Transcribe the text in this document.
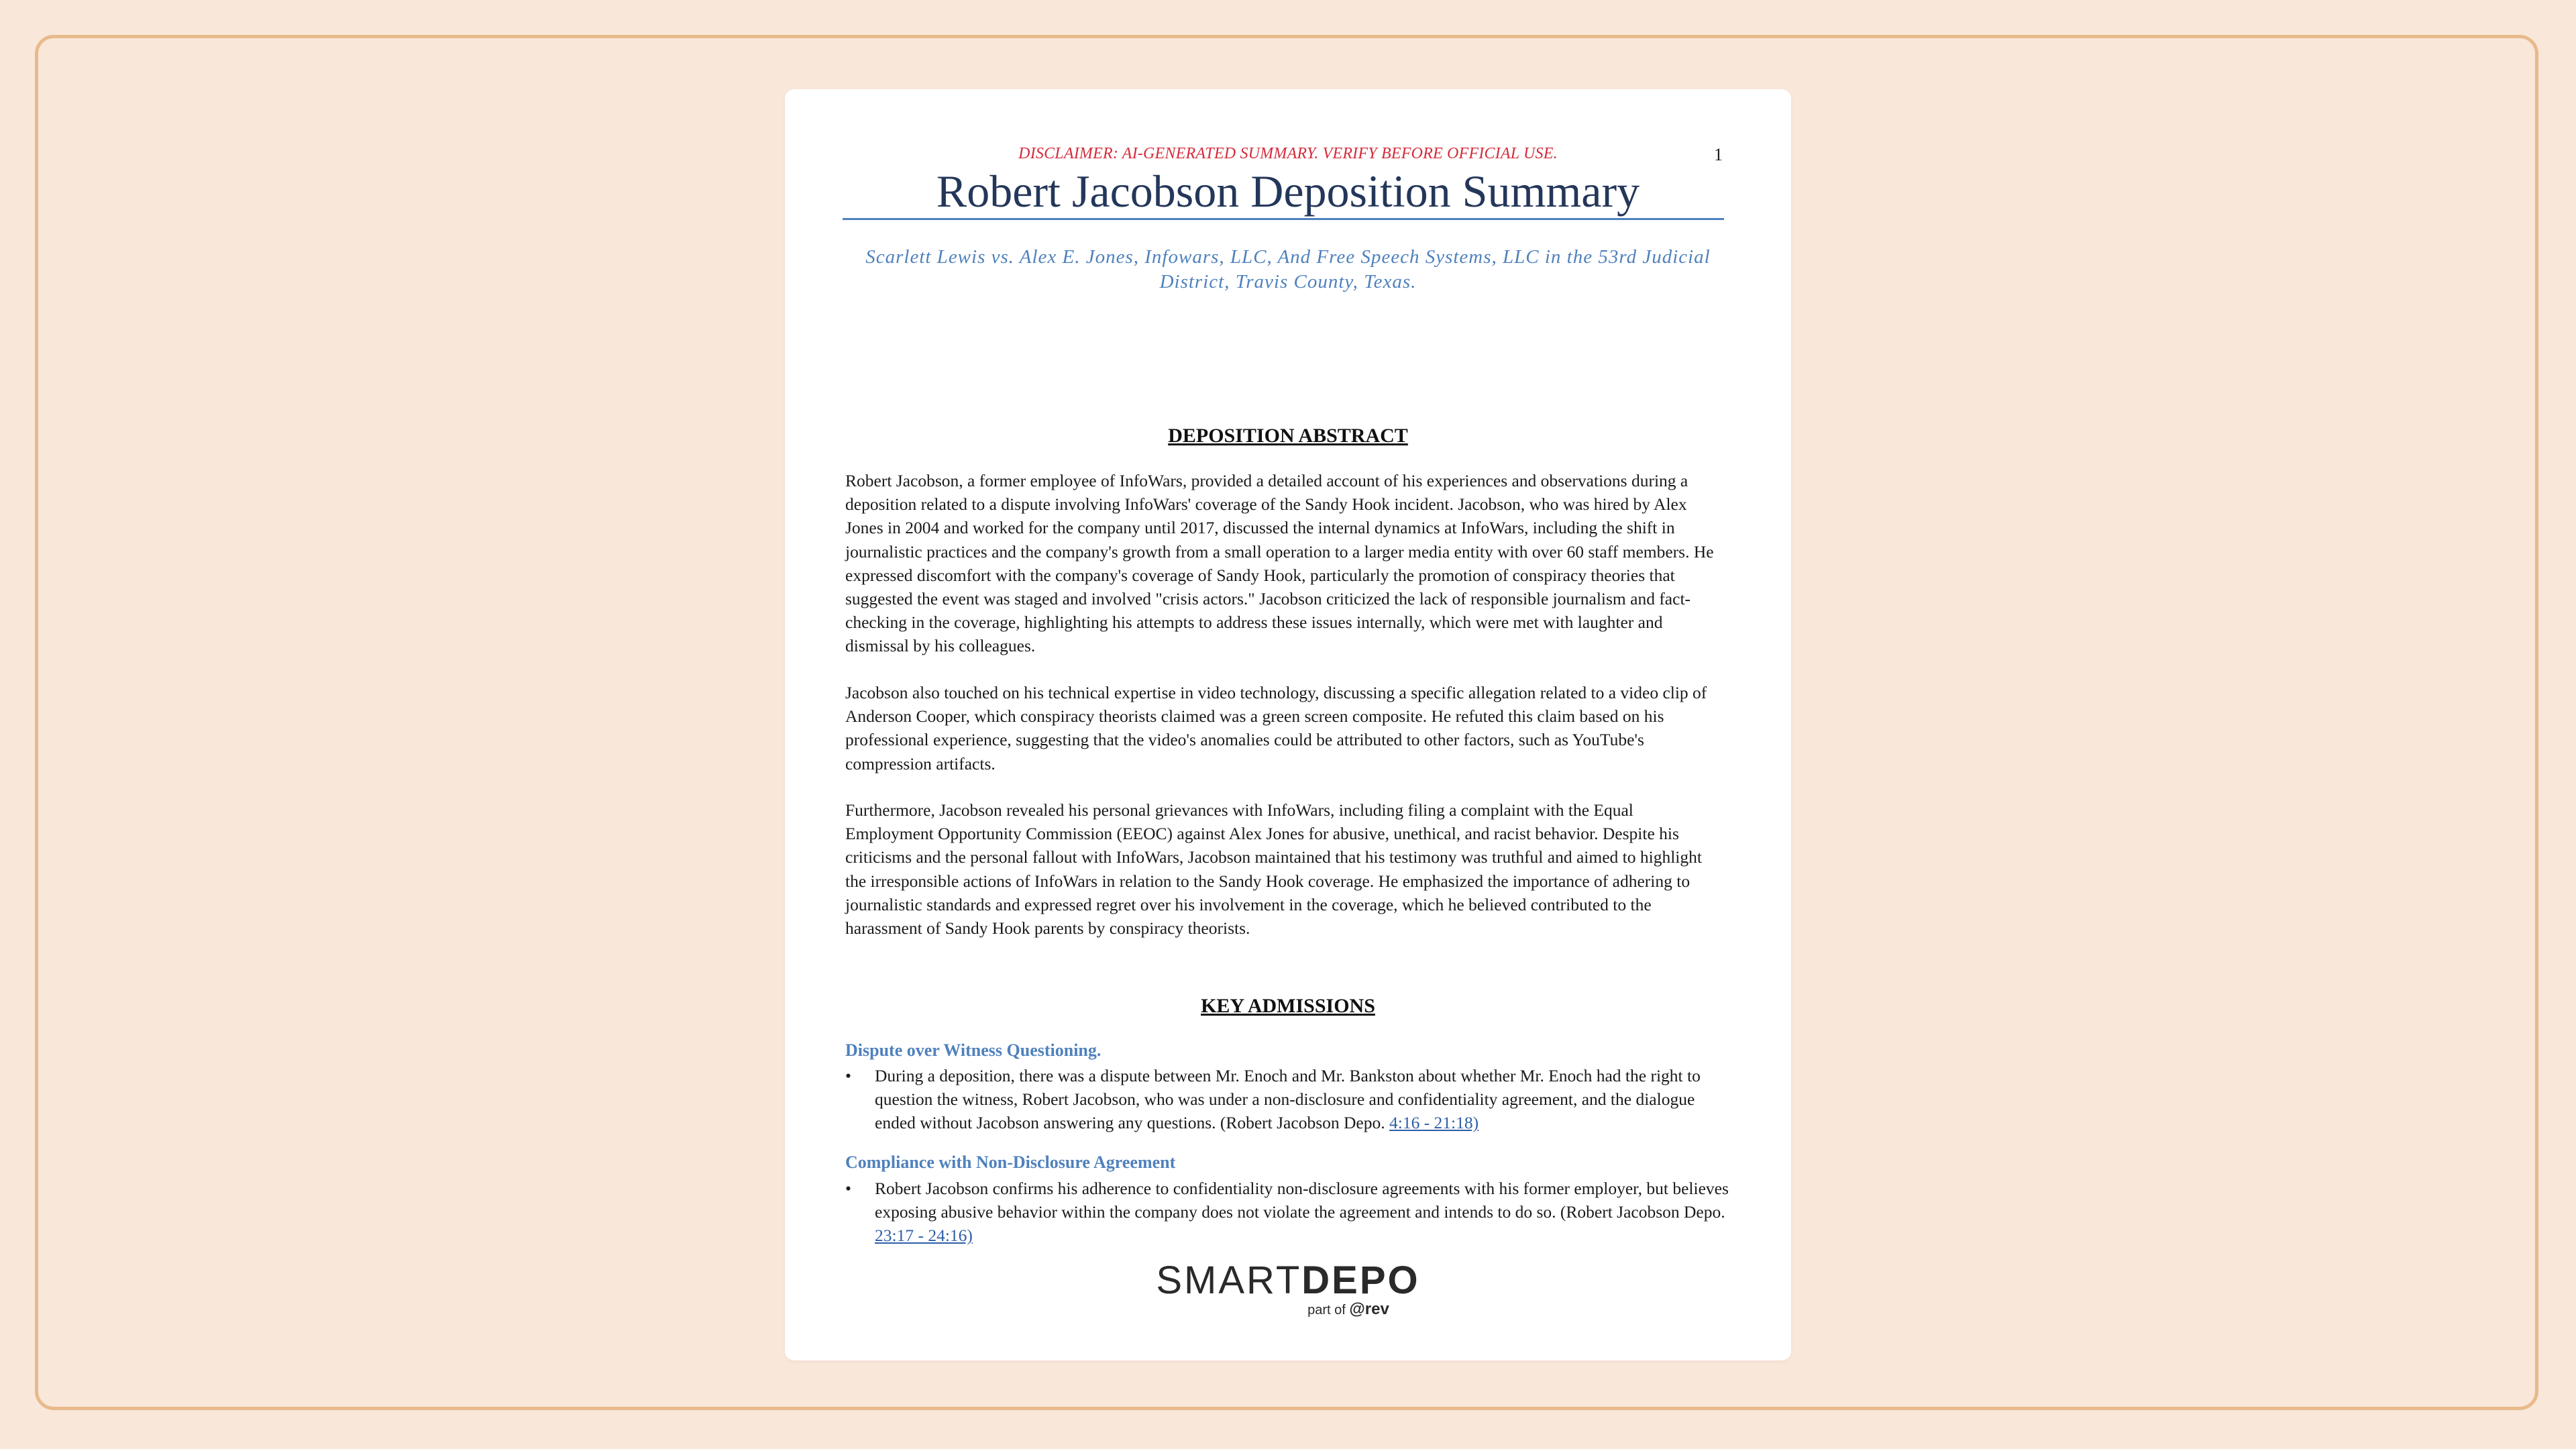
DISCLAIMER: AI-GENERATED SUMMARY. VERIFY BEFORE OFFICIAL USE.	1
Robert Jacobson Deposition Summary
Scarlett Lewis vs. Alex E. Jones, Infowars, LLC, And Free Speech Systems, LLC in the 53rd Judicial District, Travis County, Texas.
DEPOSITION ABSTRACT
Robert Jacobson, a former employee of InfoWars, provided a detailed account of his experiences and observations during a deposition related to a dispute involving InfoWars' coverage of the Sandy Hook incident. Jacobson, who was hired by Alex Jones in 2004 and worked for the company until 2017, discussed the internal dynamics at InfoWars, including the shift in journalistic practices and the company's growth from a small operation to a larger media entity with over 60 staff members. He expressed discomfort with the company's coverage of Sandy Hook, particularly the promotion of conspiracy theories that suggested the event was staged and involved "crisis actors." Jacobson criticized the lack of responsible journalism and fact-checking in the coverage, highlighting his attempts to address these issues internally, which were met with laughter and dismissal by his colleagues.
Jacobson also touched on his technical expertise in video technology, discussing a specific allegation related to a video clip of Anderson Cooper, which conspiracy theorists claimed was a green screen composite. He refuted this claim based on his professional experience, suggesting that the video's anomalies could be attributed to other factors, such as YouTube's compression artifacts.
Furthermore, Jacobson revealed his personal grievances with InfoWars, including filing a complaint with the Equal Employment Opportunity Commission (EEOC) against Alex Jones for abusive, unethical, and racist behavior. Despite his criticisms and the personal fallout with InfoWars, Jacobson maintained that his testimony was truthful and aimed to highlight the irresponsible actions of InfoWars in relation to the Sandy Hook coverage. He emphasized the importance of adhering to journalistic standards and expressed regret over his involvement in the coverage, which he believed contributed to the harassment of Sandy Hook parents by conspiracy theorists.
KEY ADMISSIONS
Dispute over Witness Questioning.
•	During a deposition, there was a dispute between Mr. Enoch and Mr. Bankston about whether Mr. Enoch had the right to question the witness, Robert Jacobson, who was under a non-disclosure and confidentiality agreement, and the dialogue ended without Jacobson answering any questions. (Robert Jacobson Depo. 4:16 - 21:18)
Compliance with Non-Disclosure Agreement
•	Robert Jacobson confirms his adherence to confidentiality non-disclosure agreements with his former employer, but believes exposing abusive behavior within the company does not violate the agreement and intends to do so. (Robert Jacobson Depo. 23:17 - 24:16)
SMARTDEPO
part of @rev
